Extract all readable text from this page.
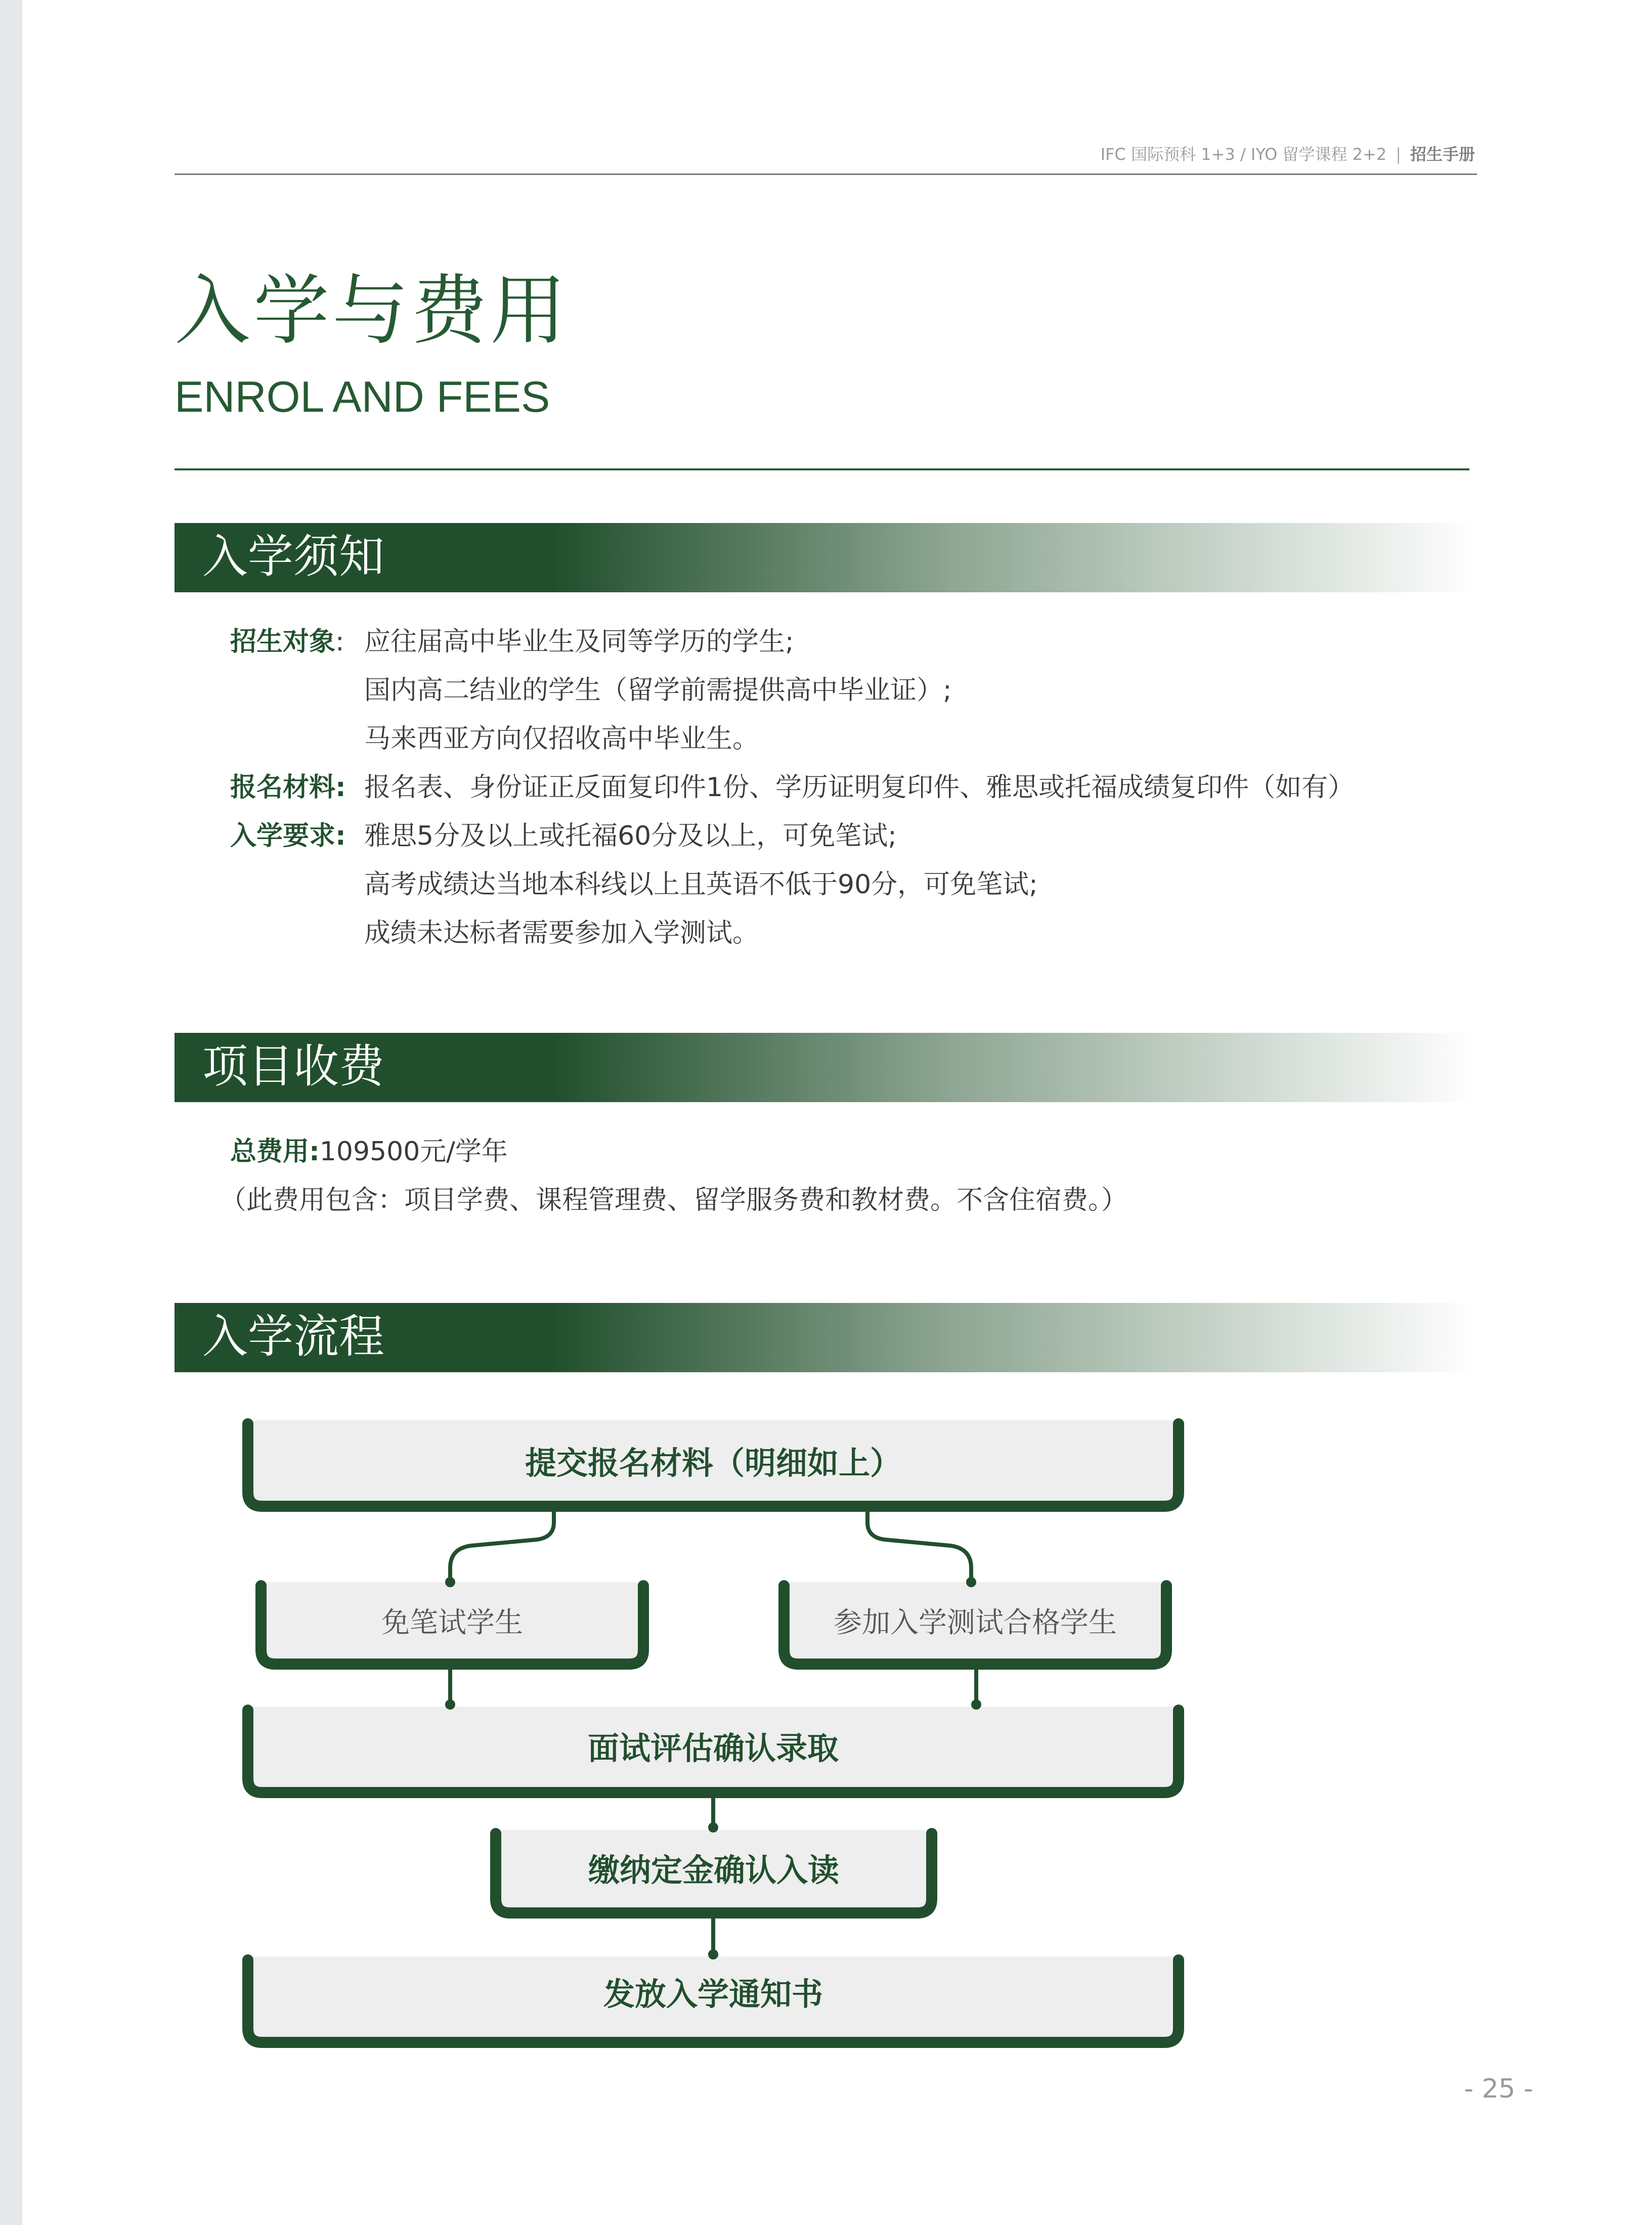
IFC 国际预科 1+3 / IYO 留学课程 2+2 | 招生手册
入学与费用
ENROL AND FEES
入学须知
招生对象: 应往届高中毕业生及同等学历的学生;
国内高二结业的学生（留学前需提供高中毕业证）;
马来西亚方向仅招收高中毕业生。
报名材料: 报名表、身份证正反面复印件1份、学历证明复印件、雅思或托福成绩复印件（如有）
入学要求: 雅思5分及以上或托福60分及以上，可免笔试;
高考成绩达当地本科线以上且英语不低于90分，可免笔试;
成绩未达标者需要参加入学测试。
项目收费
总费用:109500元/学年
（此费用包含：项目学费、课程管理费、留学服务费和教材费。不含住宿费。）
入学流程
提交报名材料（明细如上）
免笔试学生	参加入学测试合格学生
面试评估确认录取
缴纳定金确认入读
发放入学通知书
- 25 -
